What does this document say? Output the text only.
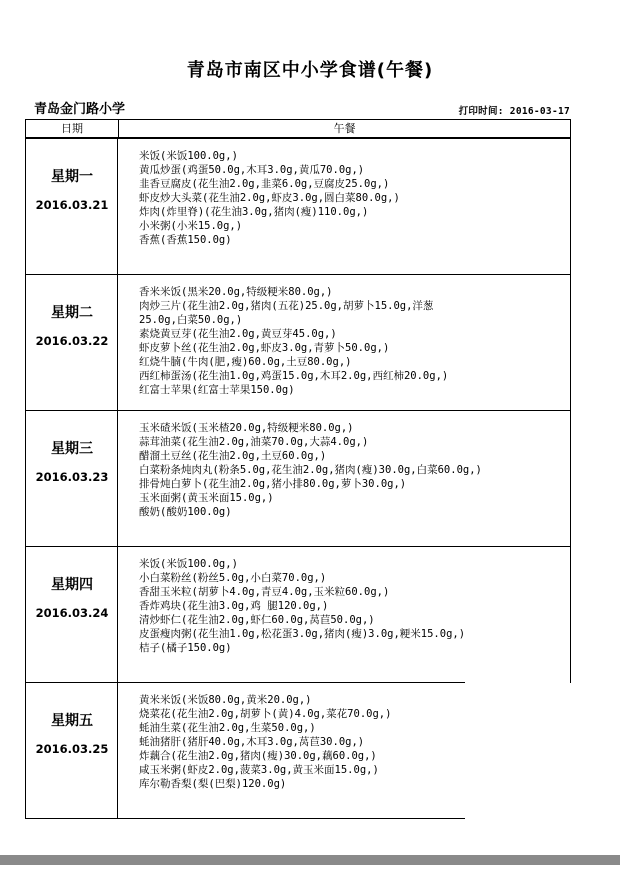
青岛市南区中小学食谱(午餐)
青岛金门路小学	打印时间: 2016-03-17
日期	午餐
星期一
2016.03.21
米饭(米饭100.0g,)
黄瓜炒蛋(鸡蛋50.0g,木耳3.0g,黄瓜70.0g,)
韭香豆腐皮(花生油2.0g,韭菜6.0g,豆腐皮25.0g,)
虾皮炒大头菜(花生油2.0g,虾皮3.0g,圆白菜80.0g,)
炸肉(炸里脊)(花生油3.0g,猪肉(瘦)110.0g,)
小米粥(小米15.0g,)
香蕉(香蕉150.0g)
星期二
2016.03.22
香米米饭(黑米20.0g,特级粳米80.0g,)
肉炒三片(花生油2.0g,猪肉(五花)25.0g,胡萝卜15.0g,洋葱
25.0g,白菜50.0g,)
素烧黄豆芽(花生油2.0g,黄豆芽45.0g,)
虾皮萝卜丝(花生油2.0g,虾皮3.0g,青萝卜50.0g,)
红烧牛腩(牛肉(肥,瘦)60.0g,土豆80.0g,)
西红柿蛋汤(花生油1.0g,鸡蛋15.0g,木耳2.0g,西红柿20.0g,)
红富士苹果(红富士苹果150.0g)
星期三
2016.03.23
玉米碴米饭(玉米楂20.0g,特级粳米80.0g,)
蒜茸油菜(花生油2.0g,油菜70.0g,大蒜4.0g,)
醋溜土豆丝(花生油2.0g,土豆60.0g,)
白菜粉条炖肉丸(粉条5.0g,花生油2.0g,猪肉(瘦)30.0g,白菜60.0g,)
排骨炖白萝卜(花生油2.0g,猪小排80.0g,萝卜30.0g,)
玉米面粥(黄玉米面15.0g,)
酸奶(酸奶100.0g)
星期四
2016.03.24
米饭(米饭100.0g,)
小白菜粉丝(粉丝5.0g,小白菜70.0g,)
香甜玉米粒(胡萝卜4.0g,青豆4.0g,玉米粒60.0g,)
香炸鸡块(花生油3.0g,鸡 腿120.0g,)
清炒虾仁(花生油2.0g,虾仁60.0g,莴苣50.0g,)
皮蛋瘦肉粥(花生油1.0g,松花蛋3.0g,猪肉(瘦)3.0g,粳米15.0g,)
桔子(橘子150.0g)
星期五
2016.03.25
黄米米饭(米饭80.0g,黄米20.0g,)
烧菜花(花生油2.0g,胡萝卜(黄)4.0g,菜花70.0g,)
蚝油生菜(花生油2.0g,生菜50.0g,)
蚝油猪肝(猪肝40.0g,木耳3.0g,莴苣30.0g,)
炸藕合(花生油2.0g,猪肉(瘦)30.0g,藕60.0g,)
咸玉米粥(虾皮2.0g,菠菜3.0g,黄玉米面15.0g,)
库尔勒香梨(梨(巴梨)120.0g)
